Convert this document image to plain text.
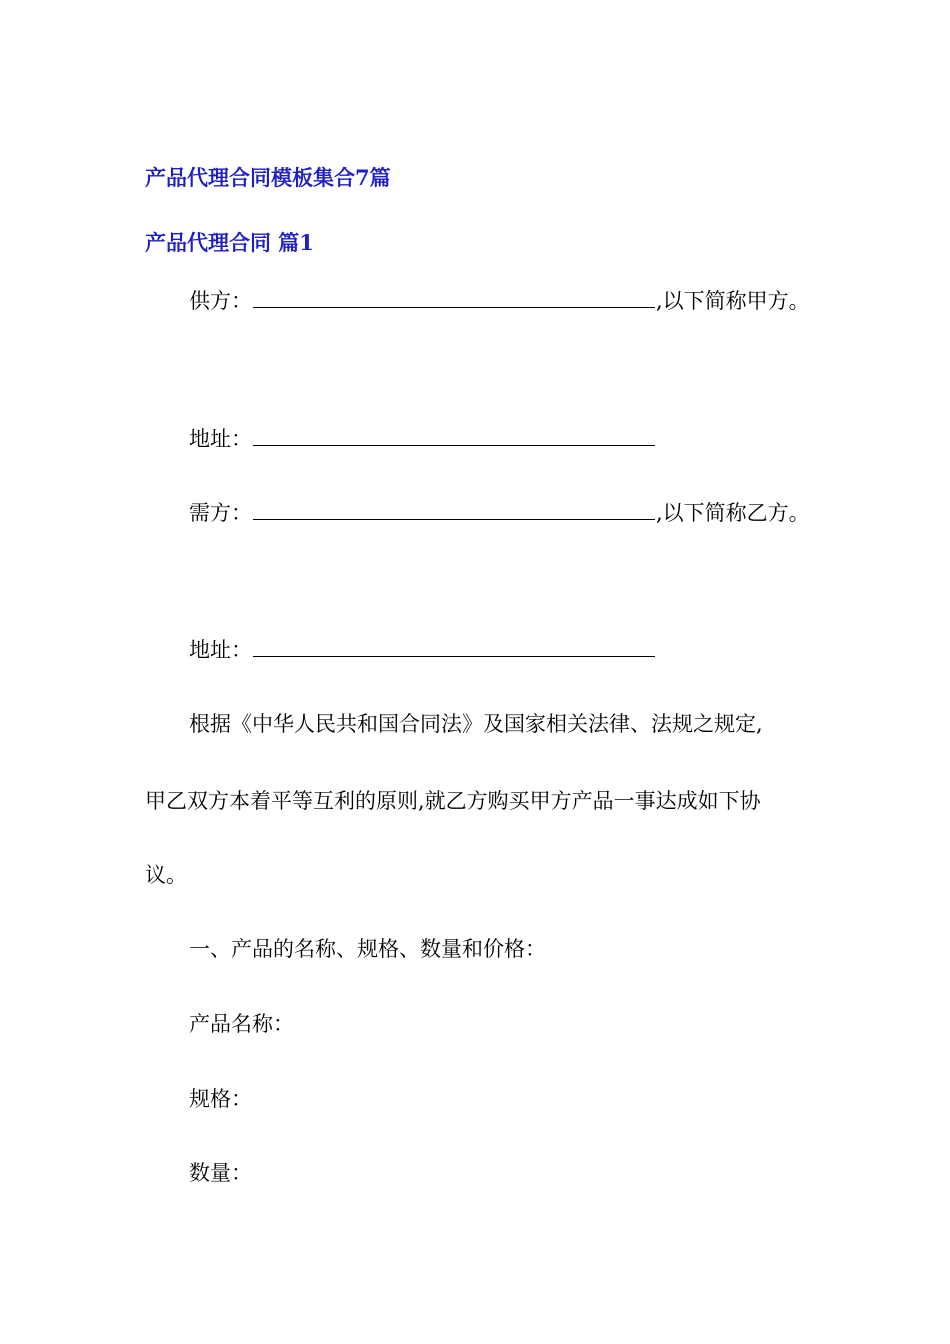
产品代理合同模板集合7篇
产品代理合同 篇1
供方：	,以下简称甲方。
地址：
需方：	,以下简称乙方。
地址：
根据《中华人民共和国合同法》及国家相关法律、法规之规定,
甲乙双方本着平等互利的原则,就乙方购买甲方产品一事达成如下协
议。
一、产品的名称、规格、数量和价格：
产品名称：
规格：
数量：
